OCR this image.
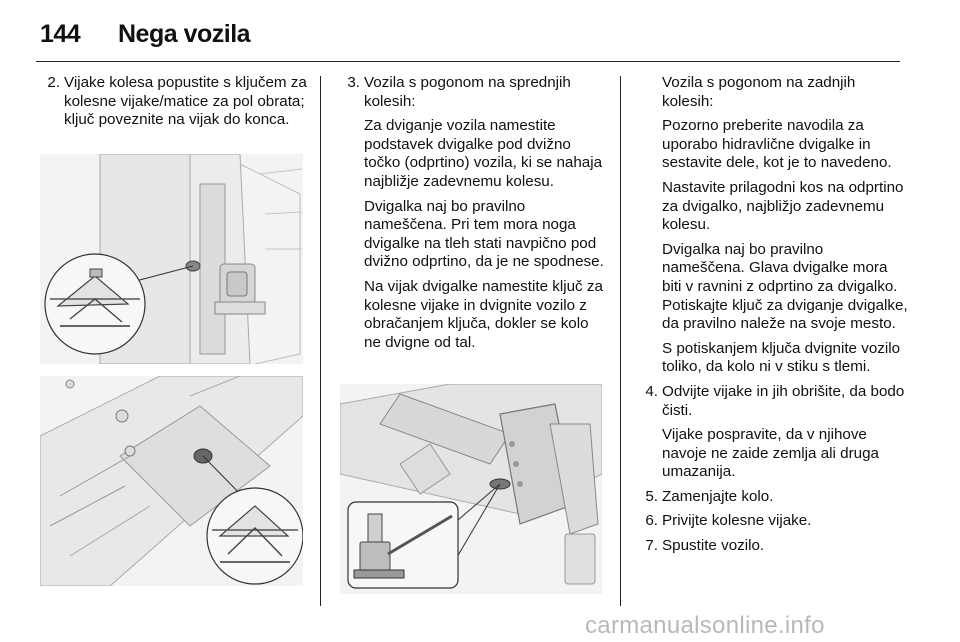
144 Nega vozila
2. Vijake kolesa popustite s ključem za kolesne vijake/matice za pol obrata; ključ poveznite na vijak do konca.
3. Vozila s pogonom na sprednjih kolesih:
Za dviganje vozila namestite podstavek dvigalke pod dvižno točko (odprtino) vozila, ki se nahaja najbližje zadevnemu kolesu.
Dvigalka naj bo pravilno nameščena. Pri tem mora noga dvigalke na tleh stati navpično pod dvižno odprtino, da je ne spodnese.
Na vijak dvigalke namestite ključ za kolesne vijake in dvignite vozilo z obračanjem ključa, dokler se kolo ne dvigne od tal.
Vozila s pogonom na zadnjih kolesih:
Pozorno preberite navodila za uporabo hidravlične dvigalke in sestavite dele, kot je to navedeno.
Nastavite prilagodni kos na odprtino za dvigalko, najbližjo zadevnemu kolesu.
Dvigalka naj bo pravilno nameščena. Glava dvigalke mora biti v ravnini z odprtino za dvigalko. Potiskajte ključ za dviganje dvigalke, da pravilno naleže na svoje mesto.
S potiskanjem ključa dvignite vozilo toliko, da kolo ni v stiku s tlemi.
4. Odvijte vijake in jih obrišite, da bodo čisti.
Vijake pospravite, da v njihove navoje ne zaide zemlja ali druga umazanija.
5. Zamenjajte kolo.
6. Privijte kolesne vijake.
7. Spustite vozilo.
carmanualsonline.info
